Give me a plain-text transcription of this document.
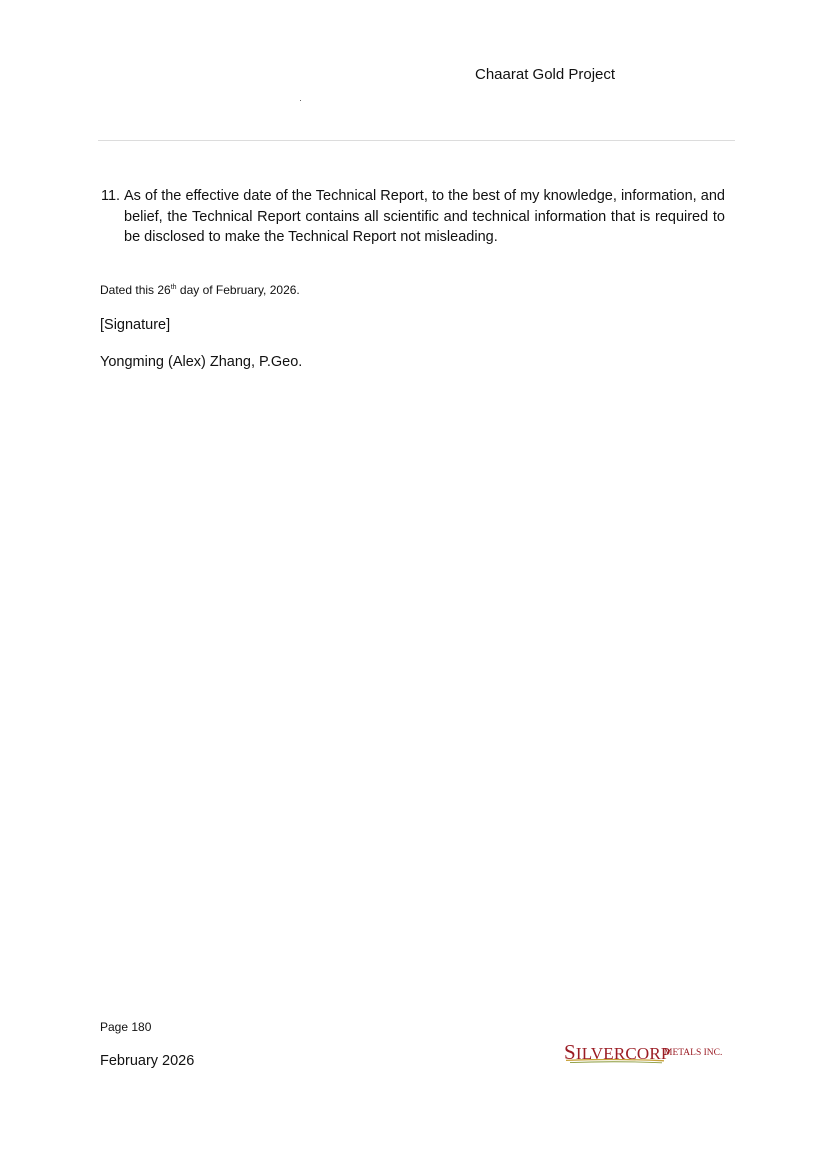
Chaarat Gold Project
11. As of the effective date of the Technical Report, to the best of my knowledge, information, and belief, the Technical Report contains all scientific and technical information that is required to be disclosed to make the Technical Report not misleading.
Dated this 26th day of February, 2026.
[Signature]
Yongming (Alex) Zhang, P.Geo.
Page 180
February 2026	SILVERCORP
METALS INC.
